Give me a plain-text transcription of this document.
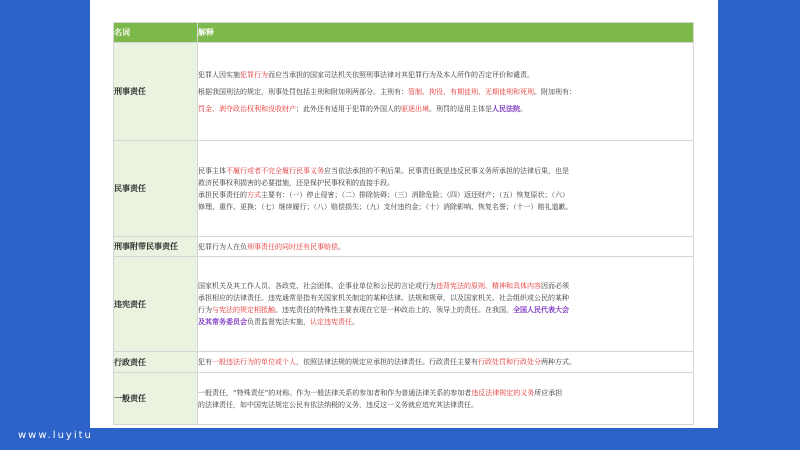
www.luyitu
名词	解释
刑事责任	犯罪人因实施犯罪行为而应当承担的国家司法机关依照刑事法律对其犯罪行为及本人所作的否定评价和谴责。

根据我国刑法的规定，刑事处罚包括主刑和附加刑两部分。主刑有：管制、拘役、有期徒刑、无期徒刑和死刑。附加刑有：

罚金、剥夺政治权利和没收财产；此外还有适用于犯罪的外国人的驱逐出境。刑罚的适用主体是人民法院。

民事责任	民事主体不履行或者不完全履行民事义务应当依法承担的不利后果。民事责任既是违反民事义务所承担的法律后果，也是

救济民事权利损害的必要措施，还是保护民事权利的直接手段。

承担民事责任的方式主要有：（一）停止侵害；（二）排除妨碍；（三）消除危险；（四）返还财产；（五）恢复原状；（六）

修理、重作、更换；（七）继续履行；（八）赔偿损失；（九）支付违约金；（十）消除影响、恢复名誉；（十一）赔礼道歉。

刑事附带民事责任	犯罪行为人在负刑事责任的同时还有民事赔偿。

违宪责任	国家机关及其工作人员、各政党、社会团体、企事业单位和公民的言论或行为违背宪法的原则、精神和具体内容因而必须

承担相应的法律责任。违宪通常是指有关国家机关制定的某种法律、法规和规章，以及国家机关、社会组织或公民的某种

行为与宪法的规定相抵触。违宪责任的特殊性主要表现在它是一种政治上的、领导上的责任。在我国，全国人民代表大会

及其常务委员会负责监督宪法实施，认定违宪责任。

行政责任	犯有一般违法行为的单位或个人，依照法律法规的规定应承担的法律责任。行政责任主要有行政处罚和行政处分两种方式。

一般责任	一般责任，“特殊责任”的对称。作为一般法律关系的参加者和作为普通法律关系的参加者违反法律规定的义务所应承担

的法律责任，如中国宪法规定公民有依法纳税的义务，违反这一义务就应追究其法律责任。
